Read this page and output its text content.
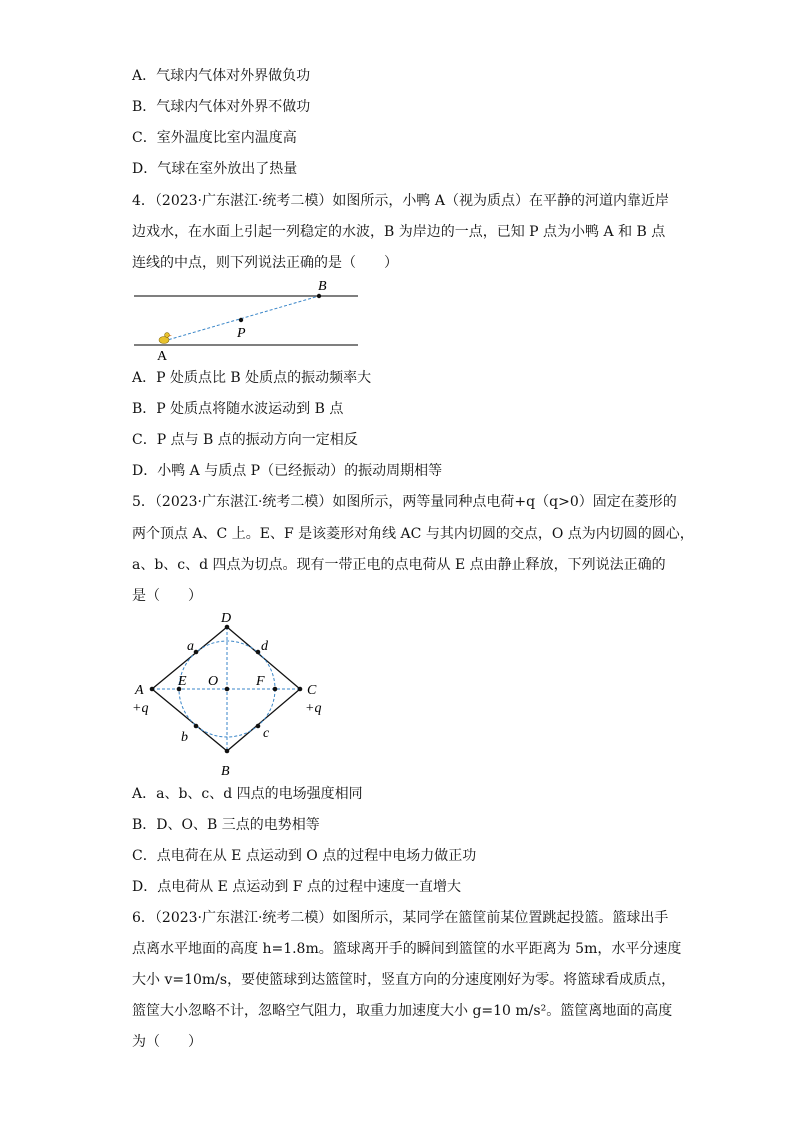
A．气球内气体对外界做负功
B．气球内气体对外界不做功
C．室外温度比室内温度高
D．气球在室外放出了热量
4．（2023·广东湛江·统考二模）如图所示，小鸭 A（视为质点）在平静的河道内靠近岸
边戏水，在水面上引起一列稳定的水波，B 为岸边的一点，已知 P 点为小鸭 A 和 B 点
连线的中点，则下列说法正确的是（　　）
B
P
A
A．P 处质点比 B 处质点的振动频率大
B．P 处质点将随水波运动到 B 点
C．P 点与 B 点的振动方向一定相反
D．小鸭 A 与质点 P（已经振动）的振动周期相等
5．（2023·广东湛江·统考二模）如图所示，两等量同种点电荷+q（q>0）固定在菱形的
两个顶点 A、C 上。E、F 是该菱形对角线 AC 与其内切圆的交点，O 点为内切圆的圆心，
a、b、c、d 四点为切点。现有一带正电的点电荷从 E 点由静止释放，下列说法正确的
是（　　）
D
B
A	C
+q	+q
E O	F
a	d
b	c
A．a、b、c、d 四点的电场强度相同
B．D、O、B 三点的电势相等
C．点电荷在从 E 点运动到 O 点的过程中电场力做正功
D．点电荷从 E 点运动到 F 点的过程中速度一直增大
6．（2023·广东湛江·统考二模）如图所示，某同学在篮筐前某位置跳起投篮。篮球出手
点离水平地面的高度 h=1.8m。篮球离开手的瞬间到篮筐的水平距离为 5m，水平分速度
大小 v=10m/s，要使篮球到达篮筐时，竖直方向的分速度刚好为零。将篮球看成质点，
篮筐大小忽略不计，忽略空气阻力，取重力加速度大小 g=10 m/s²。篮筐离地面的高度
为（　　）
